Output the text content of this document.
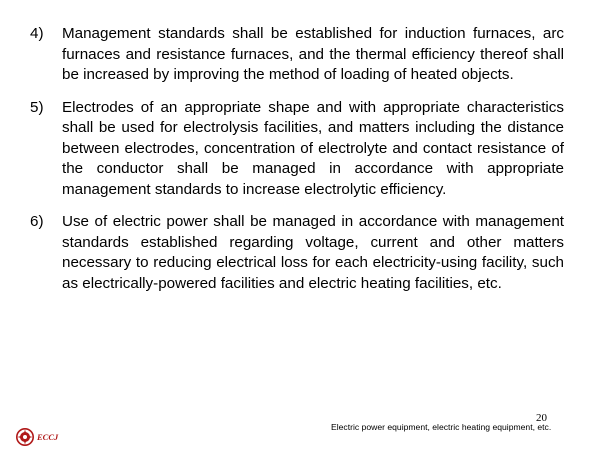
4)	Management standards shall be established for induction furnaces, arc furnaces and resistance furnaces, and the thermal efficiency thereof shall be increased by improving the method of loading of heated objects.
5)	Electrodes of an appropriate shape and with appropriate characteristics shall be used for electrolysis facilities, and matters including the distance between electrodes, concentration of electrolyte and contact resistance of the conductor shall be managed in accordance with appropriate management standards to increase electrolytic efficiency.
6)	Use of electric power shall be managed in accordance with management standards established regarding voltage, current and other matters necessary to reducing electrical loss for each electricity-using facility, such as electrically-powered facilities and electric heating facilities, etc.
20
Electric power equipment, electric heating equipment, etc.
ECCJ
